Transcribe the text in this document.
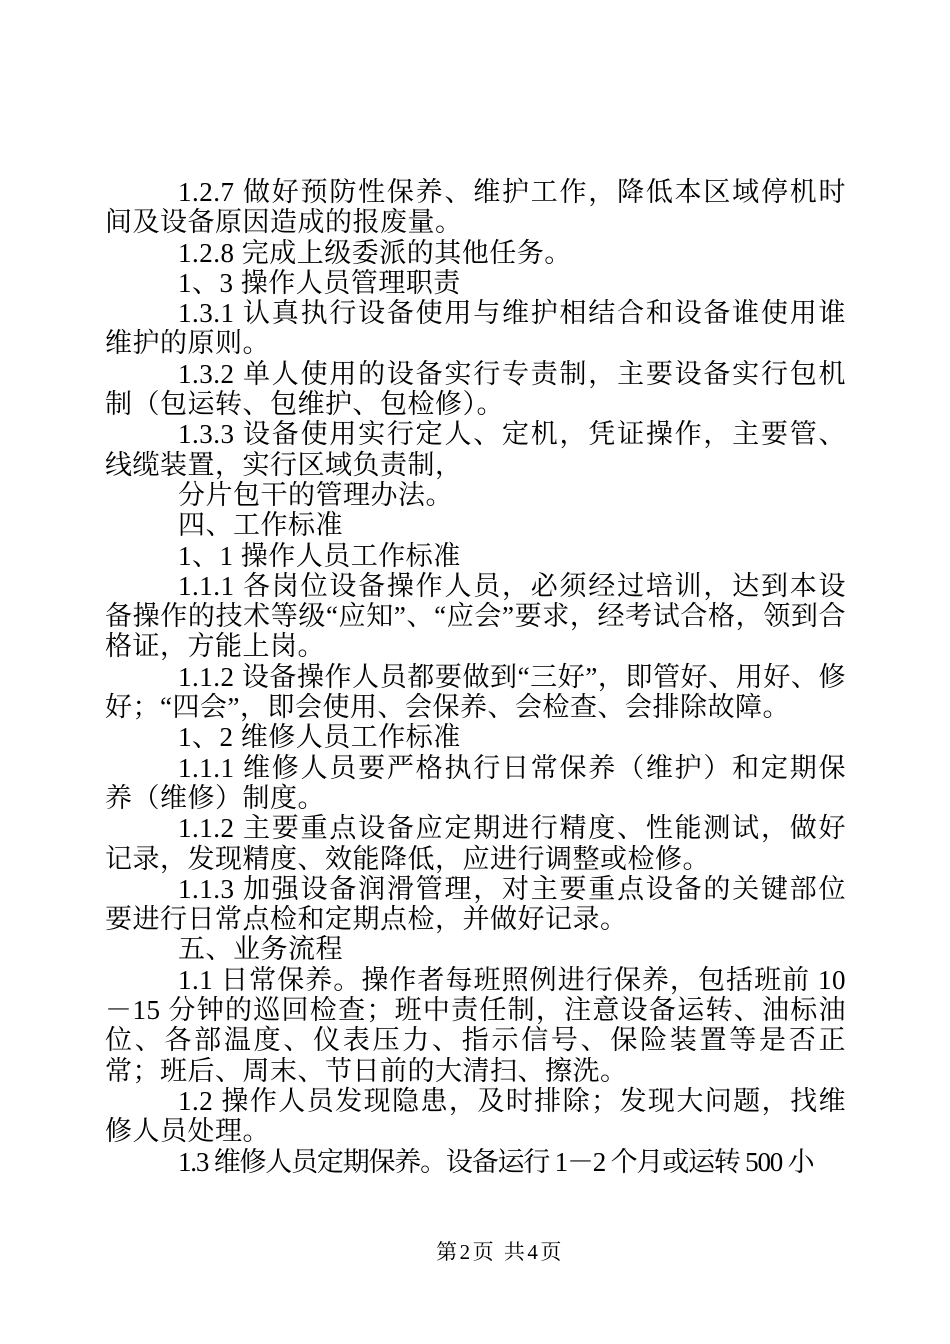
1.2.7 做好预防性保养、维护工作，降低本区域停机时间及设备原因造成的报废量。

1.2.8 完成上级委派的其他任务。

1、3 操作人员管理职责

1.3.1 认真执行设备使用与维护相结合和设备谁使用谁维护的原则。

1.3.2 单人使用的设备实行专责制，主要设备实行包机制（包运转、包维护、包检修）。

1.3.3 设备使用实行定人、定机，凭证操作，主要管、线缆装置，实行区域负责制，

分片包干的管理办法。

四、工作标准

1、1 操作人员工作标准

1.1.1 各岗位设备操作人员，必须经过培训，达到本设备操作的技术等级“应知”、“应会”要求，经考试合格，领到合格证，方能上岗。

1.1.2 设备操作人员都要做到“三好”，即管好、用好、修好；“四会”，即会使用、会保养、会检查、会排除故障。

1、2 维修人员工作标准

1.1.1 维修人员要严格执行日常保养（维护）和定期保养（维修）制度。

1.1.2 主要重点设备应定期进行精度、性能测试，做好记录，发现精度、效能降低，应进行调整或检修。

1.1.3 加强设备润滑管理，对主要重点设备的关键部位要进行日常点检和定期点检，并做好记录。

五、业务流程

1.1 日常保养。操作者每班照例进行保养，包括班前 10－15 分钟的巡回检查；班中责任制，注意设备运转、油标油位、各部温度、仪表压力、指示信号、保险装置等是否正常；班后、周末、节日前的大清扫、擦洗。

1.2 操作人员发现隐患，及时排除；发现大问题，找维修人员处理。

1.3 维修人员定期保养。设备运行 1－2 个月或运转 500 小

第2页 共4页
